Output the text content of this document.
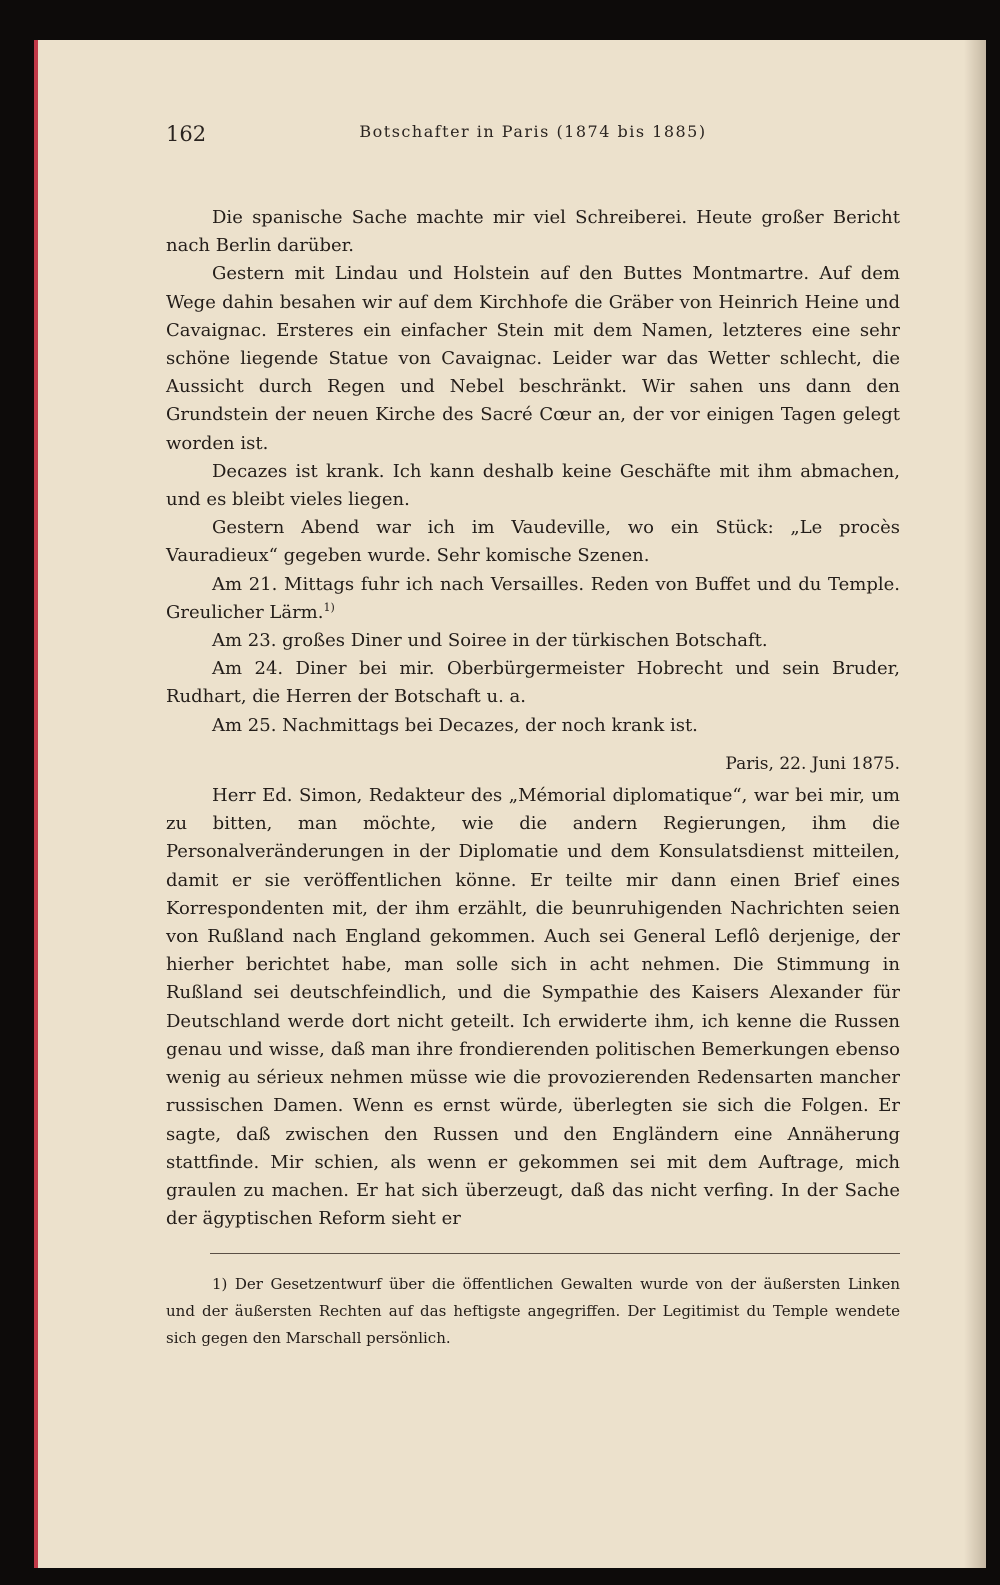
162	Botschafter in Paris (1874 bis 1885)

Die spanische Sache machte mir viel Schreiberei. Heute großer Bericht nach Berlin darüber.

Gestern mit Lindau und Holstein auf den Buttes Montmartre. Auf dem Wege dahin besahen wir auf dem Kirchhofe die Gräber von Heinrich Heine und Cavaignac. Ersteres ein einfacher Stein mit dem Namen, letzteres eine sehr schöne liegende Statue von Cavaignac. Leider war das Wetter schlecht, die Aussicht durch Regen und Nebel beschränkt. Wir sahen uns dann den Grundstein der neuen Kirche des Sacré Cœur an, der vor einigen Tagen gelegt worden ist.

Decazes ist krank. Ich kann deshalb keine Geschäfte mit ihm abmachen, und es bleibt vieles liegen.

Gestern Abend war ich im Vaudeville, wo ein Stück: „Le procès Vauradieux“ gegeben wurde. Sehr komische Szenen.

Am 21. Mittags fuhr ich nach Versailles. Reden von Buffet und du Temple. Greulicher Lärm.$^{1)}$

Am 23. großes Diner und Soiree in der türkischen Botschaft.

Am 24. Diner bei mir. Oberbürgermeister Hobrecht und sein Bruder, Rudhart, die Herren der Botschaft u. a.

Am 25. Nachmittags bei Decazes, der noch krank ist.

Paris, 22. Juni 1875.

Herr Ed. Simon, Redakteur des „Mémorial diplomatique“, war bei mir, um zu bitten, man möchte, wie die andern Regierungen, ihm die Personalveränderungen in der Diplomatie und dem Konsulatsdienst mitteilen, damit er sie veröffentlichen könne. Er teilte mir dann einen Brief eines Korrespondenten mit, der ihm erzählt, die beunruhigenden Nachrichten seien von Rußland nach England gekommen. Auch sei General Leflô derjenige, der hierher berichtet habe, man solle sich in acht nehmen. Die Stimmung in Rußland sei deutschfeindlich, und die Sympathie des Kaisers Alexander für Deutschland werde dort nicht geteilt. Ich erwiderte ihm, ich kenne die Russen genau und wisse, daß man ihre frondierenden politischen Bemerkungen ebenso wenig au sérieux nehmen müsse wie die provozierenden Redensarten mancher russischen Damen. Wenn es ernst würde, überlegten sie sich die Folgen. Er sagte, daß zwischen den Russen und den Engländern eine Annäherung stattfinde. Mir schien, als wenn er gekommen sei mit dem Auftrage, mich graulen zu machen. Er hat sich überzeugt, daß das nicht verfing. In der Sache der ägyptischen Reform sieht er

1) Der Gesetzentwurf über die öffentlichen Gewalten wurde von der äußersten Linken und der äußersten Rechten auf das heftigste angegriffen. Der Legitimist du Temple wendete sich gegen den Marschall persönlich.
